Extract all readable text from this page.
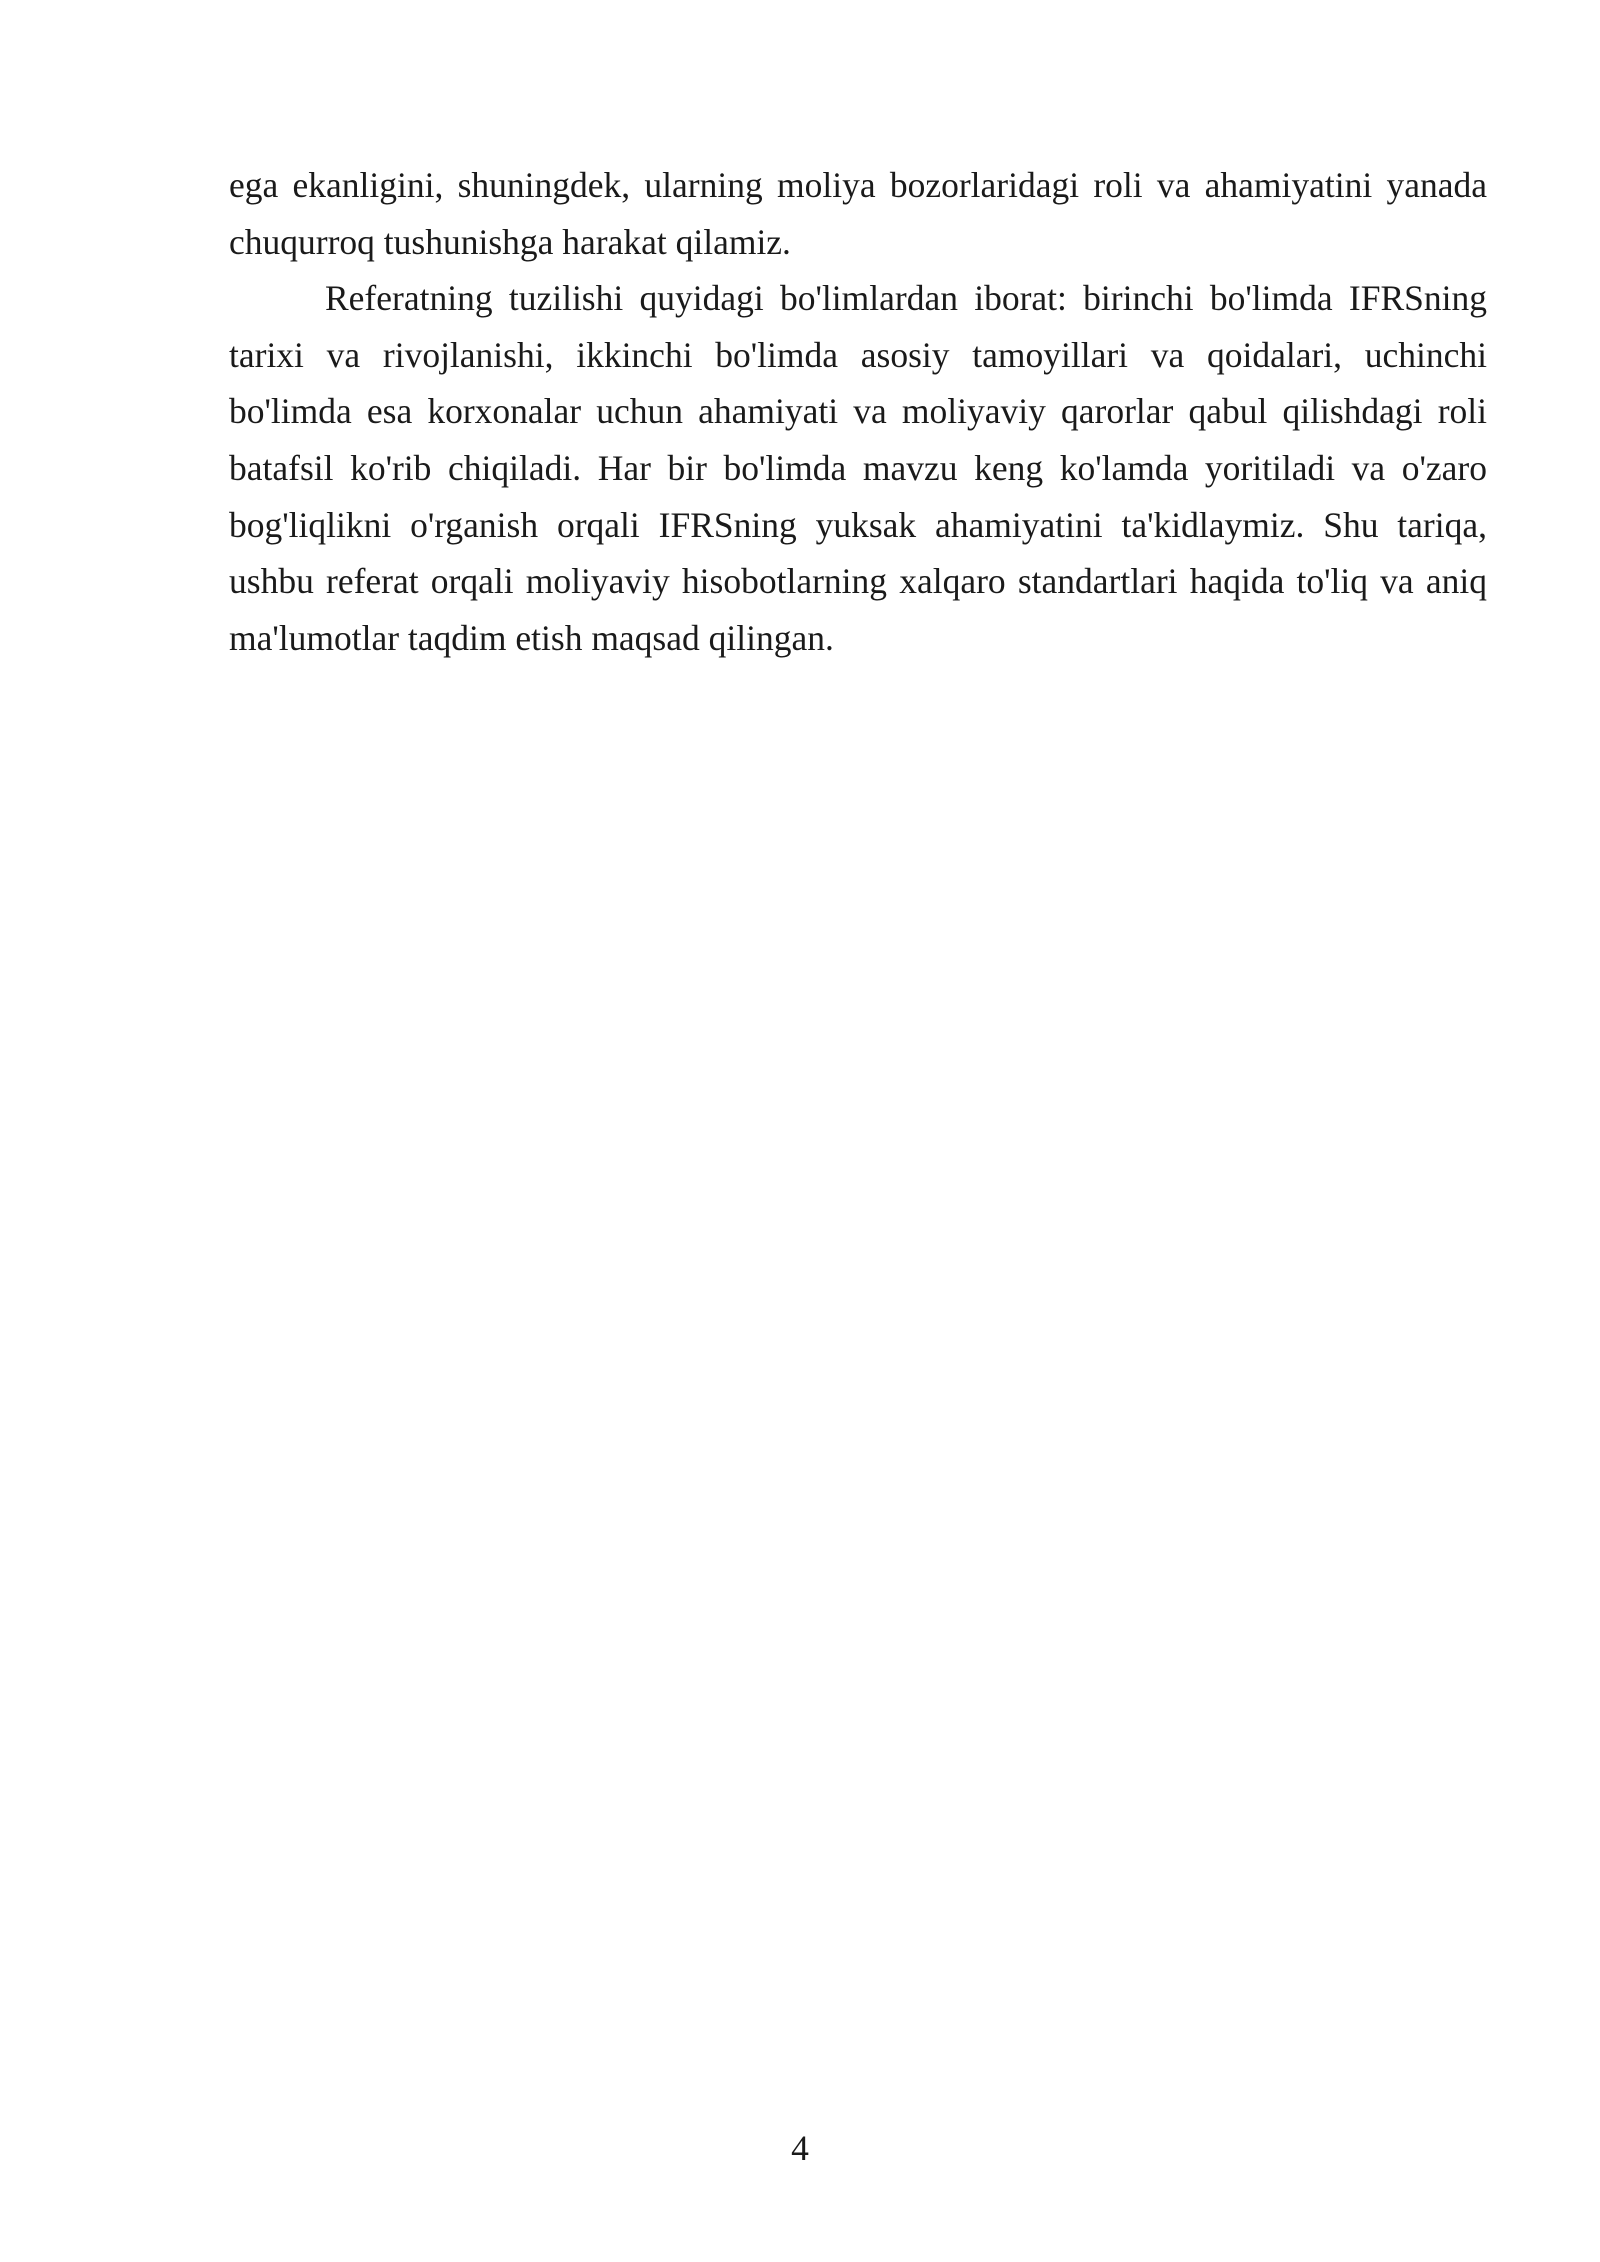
ega ekanligini, shuningdek, ularning moliya bozorlaridagi roli va ahamiyatini yanada chuqurroq tushunishga harakat qilamiz.

Referatning tuzilishi quyidagi bo'limlardan iborat: birinchi bo'limda IFRSning tarixi va rivojlanishi, ikkinchi bo'limda asosiy tamoyillari va qoidalari, uchinchi bo'limda esa korxonalar uchun ahamiyati va moliyaviy qarorlar qabul qilishdagi roli batafsil ko'rib chiqiladi. Har bir bo'limda mavzu keng ko'lamda yoritiladi va o'zaro bog'liqlikni o'rganish orqali IFRSning yuksak ahamiyatini ta'kidlaymiz. Shu tariqa, ushbu referat orqali moliyaviy hisobotlarning xalqaro standartlari haqida to'liq va aniq ma'lumotlar taqdim etish maqsad qilingan.

4
